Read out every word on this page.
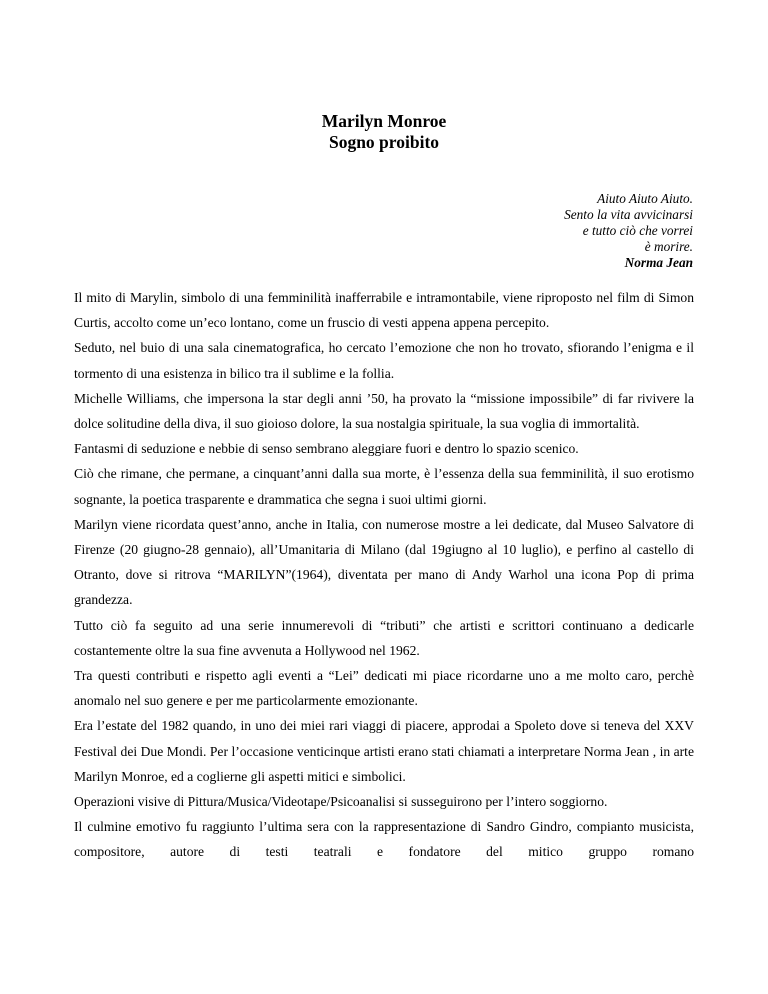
Marilyn Monroe
Sogno proibito
Aiuto Aiuto Aiuto.
Sento la vita avvicinarsi
e tutto ciò che vorrei
è morire.
Norma Jean

Il mito di Marylin, simbolo di una femminilità inafferrabile e intramontabile, viene riproposto nel film di Simon Curtis, accolto come un’eco lontano, come un fruscio di vesti appena appena percepito.

Seduto, nel buio di una sala cinematografica, ho cercato l’emozione che non ho trovato, sfiorando l’enigma e il tormento di una esistenza in bilico tra il sublime e la follia.

Michelle Williams, che impersona la star degli anni ’50, ha provato la “missione impossibile” di far rivivere la dolce solitudine della diva, il suo gioioso dolore, la sua nostalgia spirituale, la sua voglia di immortalità.

Fantasmi di seduzione e nebbie di senso sembrano aleggiare fuori e dentro lo spazio scenico.

Ciò che rimane, che permane, a cinquant’anni dalla sua morte, è l’essenza della sua femminilità, il suo erotismo sognante, la poetica trasparente e drammatica che segna i suoi ultimi giorni.

Marilyn viene ricordata quest’anno, anche in Italia, con numerose mostre a lei dedicate, dal Museo Salvatore di Firenze (20 giugno-28 gennaio), all’Umanitaria di Milano (dal 19giugno al 10 luglio), e perfino al castello di Otranto, dove si ritrova “MARILYN”(1964), diventata per mano di Andy Warhol una icona Pop di prima grandezza.

Tutto ciò fa seguito ad una serie innumerevoli di “tributi” che artisti e scrittori continuano a dedicarle costantemente oltre la sua fine avvenuta a Hollywood nel 1962.

Tra questi contributi e rispetto agli eventi a “Lei” dedicati mi piace ricordarne uno a me molto caro, perchè anomalo nel suo genere e per me particolarmente emozionante.

Era l’estate del 1982 quando, in uno dei miei rari viaggi di piacere, approdai a Spoleto dove si teneva del XXV Festival dei Due Mondi. Per l’occasione venticinque artisti erano stati chiamati a interpretare Norma Jean , in arte Marilyn Monroe, ed a coglierne gli aspetti mitici e simbolici.

Operazioni visive di Pittura/Musica/Videotape/Psicoanalisi si susseguirono per l’intero soggiorno.

Il culmine emotivo fu raggiunto l’ultima sera con la rappresentazione di Sandro Gindro, compianto musicista, compositore, autore di testi teatrali e fondatore del mitico gruppo romano
